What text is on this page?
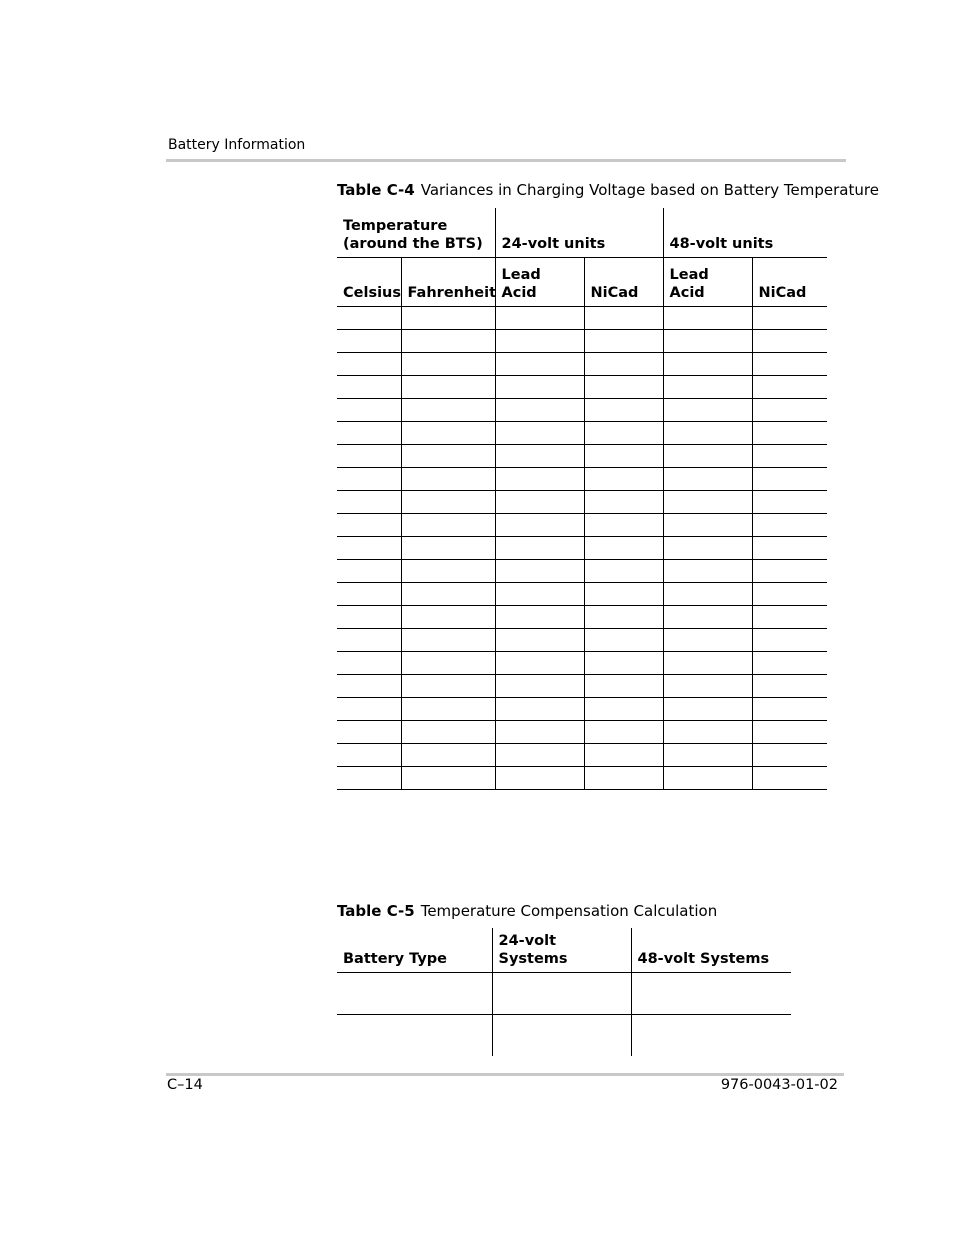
Battery Information
Table C-4 Variances in Charging Voltage based on Battery Temperature
Temperature (around the BTS)		24-volt units		48-volt units	
Celsius	Fahrenheit	Lead Acid	NiCad	Lead Acid	NiCad

Table C-5 Temperature Compensation Calculation
Battery Type	24-volt Systems	48-volt Systems

C–14	976-0043-01-02
